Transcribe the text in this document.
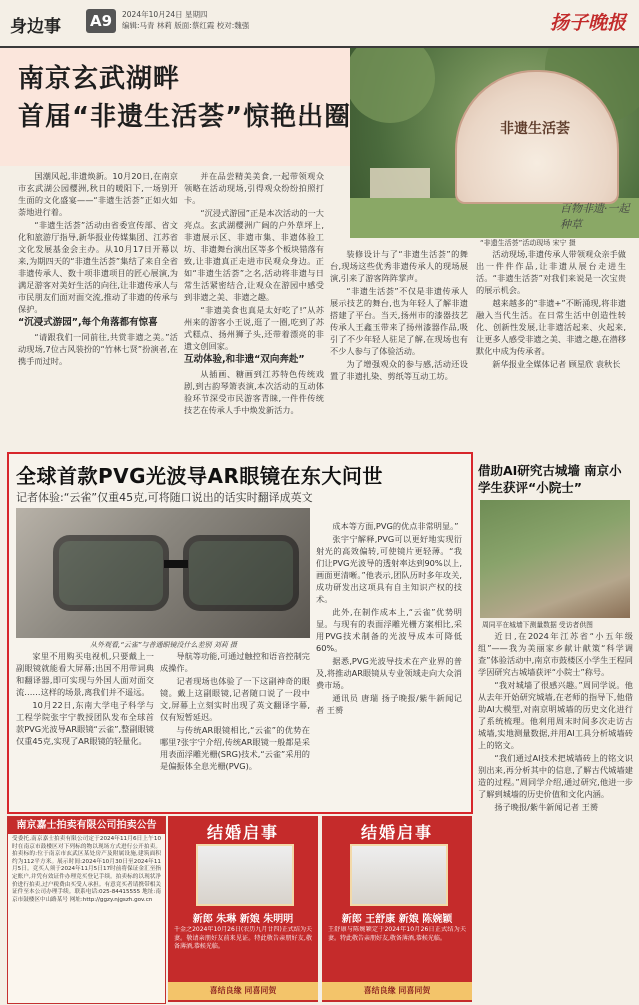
身边事 A9	2024年10月24日 星期四
编辑:马青 林莉 版面:蔡红霞 校对:魏强	扬子晚报
非遗生活荟
百物非遗·一起种草
南京玄武湖畔
首届“非遗生活荟”惊艳出圈
“非遗生活荟”活动现场 宋宁 摄

国潮风起,非遗焕新。10月20日,在南京市玄武湖公园樱洲,秋日的暖阳下,一场别开生面的文化盛宴——“非遗生活荟”正如火如荼地进行着。

“非遗生活荟”活动由省委宣传部、省文化和旅游厅指导,新华报业传媒集团、江苏省文化发展基金会主办。从10月17日开幕以来,为期四天的“非遗生活荟”集结了来自全省非遗传承人、数十项非遗项目的匠心展演,为满足游客对美好生活的向往,让非遗传承人与市民朋友们面对面交流,推动了非遗的传承与保护。

“沉浸式游园”,每个角落都有惊喜

“请跟我们一同前往,共赏非遗之美。”活动现场,7位古风装扮的“竹林七贤”扮演者,在携手而过时。

并在品尝精美美食,一起带领观众领略在活动现场,引得观众纷纷拍照打卡。

“沉浸式游园”正是本次活动的一大亮点。玄武湖樱洲广阔的户外草坪上,非遗展示区、非遗市集、非遗体验工坊、非遗舞台演出区等多个板块错落有致,让非遗真正走进市民观众身边。正如“非遗生活荟”之名,活动将非遗与日常生活紧密结合,让观众在游园中感受到非遗之美、非遗之趣。

“非遗美食也真是太好吃了!”从苏州来的游客小王说,逛了一圈,吃到了苏式糕点、扬州狮子头,还带着漂亮的非遗文创回家。

互动体验,和非遗“双向奔赴”

从插画、糖画到江苏特色传统戏剧,到古韵琴箫表演,本次活动的互动体验环节深受市民游客青睐,一件件传统技艺在传承人手中焕发新活力。

装修设计与了“非遗生活荟”的舞台,现场这些优秀非遗传承人的现场展演,引来了游客阵阵掌声。

“非遗生活荟”不仅是非遗传承人展示技艺的舞台,也为年轻人了解非遗搭建了平台。当天,扬州市的漆器技艺传承人王鑫玉带来了扬州漆器作品,吸引了不少年轻人驻足了解,在现场也有不少人参与了体验活动。

为了增强观众的参与感,活动还设置了非遗扎染、剪纸等互动工坊。

活动现场,非遗传承人带领观众亲手做出一件件作品,让非遗从展台走进生活。“非遗生活荟”对我们来说是一次宝贵的展示机会。

越来越多的“非遗+”不断涌现,将非遗融入当代生活。在日常生活中创造性转化、创新性发展,让非遗活起来、火起来,让更多人感受非遗之美、非遗之趣,在潜移默化中成为传承者。

新华报业全媒体记者 顾星欣 袁秋长

全球首款PVG光波导AR眼镜在东大问世
记者体验:“云雀”仅重45克,可将随口说出的话实时翻译成英文
从外观看,“云雀”与普通眼镜没什么差别 刘莉 摄

家里不用购买电视机,只要戴上一副眼镜就能看大屏幕;出国不用带词典和翻译器,即可实现与外国人面对面交流……这样的场景,离我们并不遥远。

10月22日,东南大学电子科学与工程学院张宇宁教授团队发布全球首款PVG光波导AR眼镜“云雀”,整副眼镜仅重45克,实现了AR眼镜的轻量化。

导航等功能,可通过触控和语音控制完成操作。

记者现场也体验了一下这副神奇的眼镜。戴上这副眼镜,记者随口说了一段中文,屏幕上立刻实时出现了英文翻译字幕,仅有短暂延迟。

与传统AR眼镜相比,“云雀”的优势在哪里?张宇宁介绍,传统AR眼镜一般都是采用表面浮雕光栅(SRG)技术,“云雀”采用的是偏振体全息光栅(PVG)。

成本等方面,PVG的优点非常明显。”

张宇宁解释,PVG可以更好地实现衍射光的高效偏转,可使镜片更轻薄。“我们让PVG光波导的透射率达到90%以上,画面更清晰。”他表示,团队历时多年攻关,成功研发出这项具有自主知识产权的技术。

此外,在制作成本上,“云雀”优势明显。与现有的表面浮雕光栅方案相比,采用PVG技术制备的光波导成本可降低60%。

据悉,PVG光波导技术在产业界的普及,将推动AR眼镜从专业领域走向大众消费市场。

通讯员 唐瑞 扬子晚报/紫牛新闻记者 王赟

借助AI研究古城墙 南京小学生获评“小院士”
周同平在城墙下测量数据 受访者供图

近日,在2024年江苏省“小五年级组”——我为美丽家乡献计献策“科学调查”体验活动中,南京市鼓楼区小学生王程同学因研究古城墙获评“小院士”称号。

“我对城墙了很感兴趣。”周同学说。他从去年开始研究城墙,在老师的指导下,他借助AI大模型,对南京明城墙的历史文化进行了系统梳理。他利用周末时间多次走访古城墙,实地测量数据,并用AI工具分析城墙砖上的铭文。

“我们通过AI技术把城墙砖上的铭文识别出来,再分析其中的信息,了解古代城墙建造的过程。”周同学介绍,通过研究,他进一步了解到城墙的历史价值和文化内涵。

扬子晚报/紫牛新闻记者 王赟

南京嘉士拍卖有限公司拍卖公告
受委托,南京嘉士拍卖有限公司定于2024年11月6日上午10时在南京市鼓楼区对下列标的物以现场方式进行公开拍卖。拍卖标的:位于南京市玄武区某处房产及附属设施,建筑面积约为112平方米。展示时间:2024年10月30日至2024年11月5日。竞买人须于2024年11月5日17时前将保证金汇至指定账户,并凭有效证件办理竞买登记手续。拍卖标的以现状净价进行拍卖,过户税费由买受人承担。有意竞买者请携带相关证件至本公司办理手续。联系电话:025-84415555 地址:南京市鼓楼区中山路某号 网址:http://ggzy.njgszh.gov.cn
结婚启事
新郎 朱琳 新娘 朱明明
千金之2024年10月26日(农历九月廿四)正式结为夫妻。敬请亲朋好友前来见证。特此敬告亲朋好友,敬备薄酒,恭候光临。
喜结良缘 同喜同贺
结婚启事
新郎 王舒康 新娘 陈婉颖
王舒康与陈婉颖定于2024年10月26日正式结为夫妻。特此敬告亲朋好友,敬备薄酒,恭候光临。
喜结良缘 同喜同贺
